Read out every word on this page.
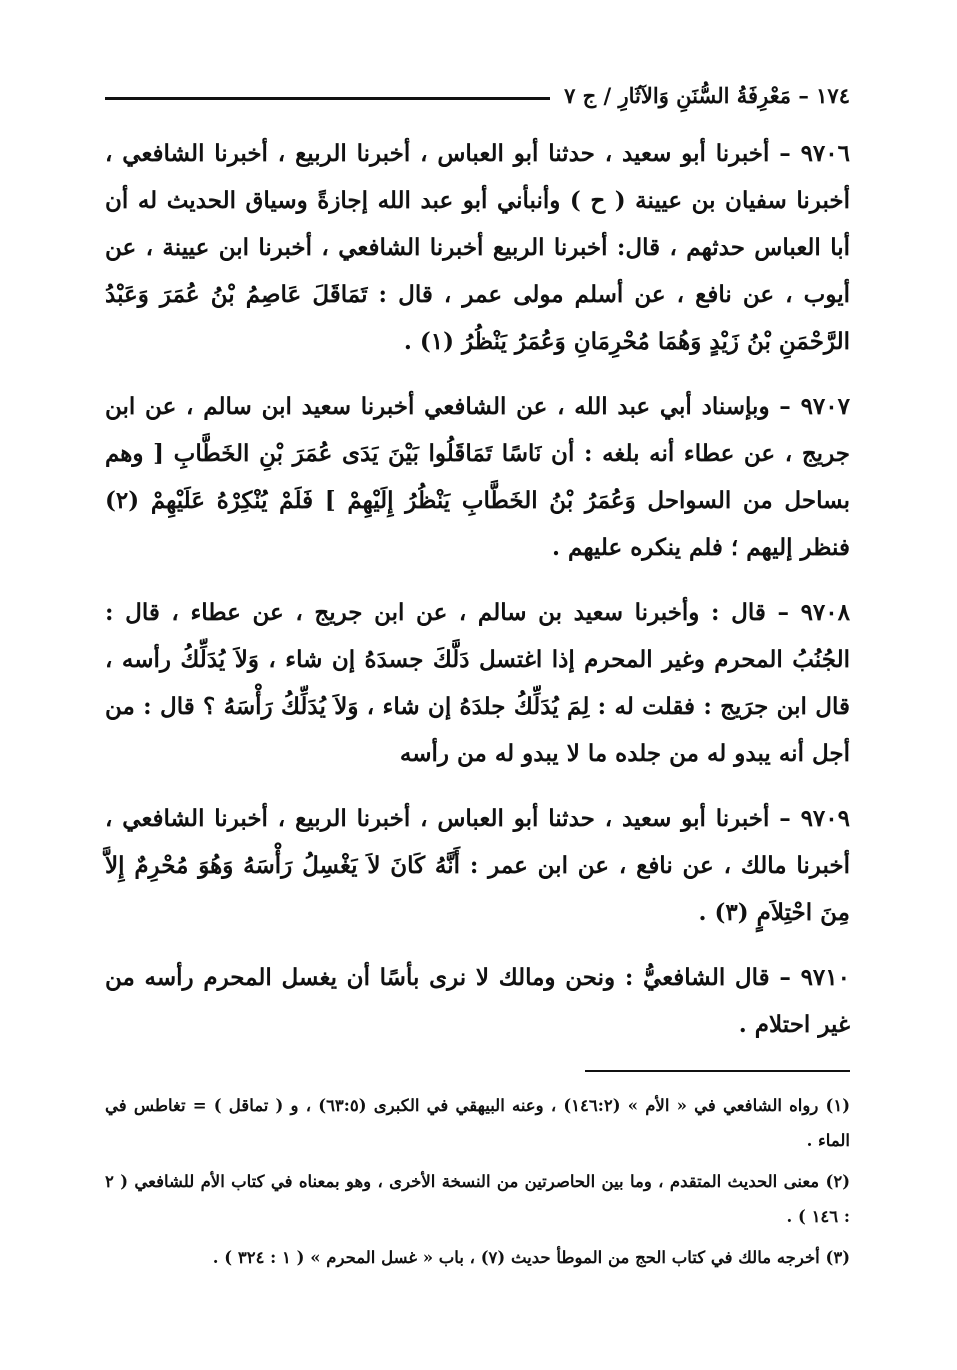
١٧٤ – مَعْرِفَةُ السُّنَنِ وَالآثَارِ / ج ٧

٩٧٠٦ – أخبرنا أبو سعيد ، حدثنا أبو العباس ، أخبرنا الربيع ، أخبرنا الشافعي ، أخبرنا سفيان بن عيينة ( ح ) وأنبأني أبو عبد الله إجازةً وسياق الحديث له أن أبا العباس حدثهم ، قال: أخبرنا الربيع أخبرنا الشافعي ، أخبرنا ابن عيينة ، عن أيوب ، عن نافع ، عن أسلم مولى عمر ، قال : تَمَاقَلَ عَاصِمُ بْنُ عُمَرَ وَعَبْدُ الرَّحْمَنِ بْنُ زَيْدٍ وَهُمَا مُحْرِمَانِ وَعُمَرُ يَنْظُرُ (١) .

٩٧٠٧ – وبإسناد أبي عبد الله ، عن الشافعي أخبرنا سعيد ابن سالم ، عن ابن جريج ، عن عطاء أنه بلغه : أن نَاسًا تَمَاقَلُوا بَيْنَ يَدَى عُمَرَ بْنِ الخَطَّابِ [ وهم بساحل من السواحل وَعُمَرُ بْنُ الخَطَّابِ يَنْظُرُ إِلَيْهِمْ ] فَلَمْ يُنْكِرْهُ عَلَيْهِمْ (٢) فنظر إليهم ؛ فلم ينكره عليهم .

٩٧٠٨ – قال : وأخبرنا سعيد بن سالم ، عن ابن جريج ، عن عطاء ، قال : الجُنُبُ المحرم وغير المحرم إذا اغتسل دَلَّكَ جسدَهُ إن شاء ، وَلاَ يُدَلِّكُ رأسه ، قال ابن جرَيج : فقلت له : لِمَ يُدَلِّكُ جلدَهُ إن شاء ، وَلاَ يُدَلِّكُ رَأْسَهُ ؟ قال : من أجل أنه يبدو له من جلده ما لا يبدو له من رأسه

٩٧٠٩ – أخبرنا أبو سعيد ، حدثنا أبو العباس ، أخبرنا الربيع ، أخبرنا الشافعي ، أخبرنا مالك ، عن نافع ، عن ابن عمر : أَنَّهُ كَانَ لاَ يَغْسِلُ رَأْسَهُ وَهُوَ مُحْرِمٌ إِلاَّ مِنَ احْتِلاَمٍ (٣) .

٩٧١٠ – قال الشافعيُّ : ونحن ومالك لا نرى بأسًا أن يغسل المحرم رأسه من غير احتلام .

(١) رواه الشافعي في « الأم » (١٤٦:٢) ، وعنه البيهقي في الكبرى (٦٣:٥) ، و ( تماقل ) = تغاطس في الماء .

(٢) معنى الحديث المتقدم ، وما بين الحاصرتين من النسخة الأخرى ، وهو بمعناه في كتاب الأم للشافعي ( ٢ : ١٤٦ ) .

(٣) أخرجه مالك في كتاب الحج من الموطأ حديث (٧) ، باب « غسل المحرم » ( ١ : ٣٢٤ ) .
